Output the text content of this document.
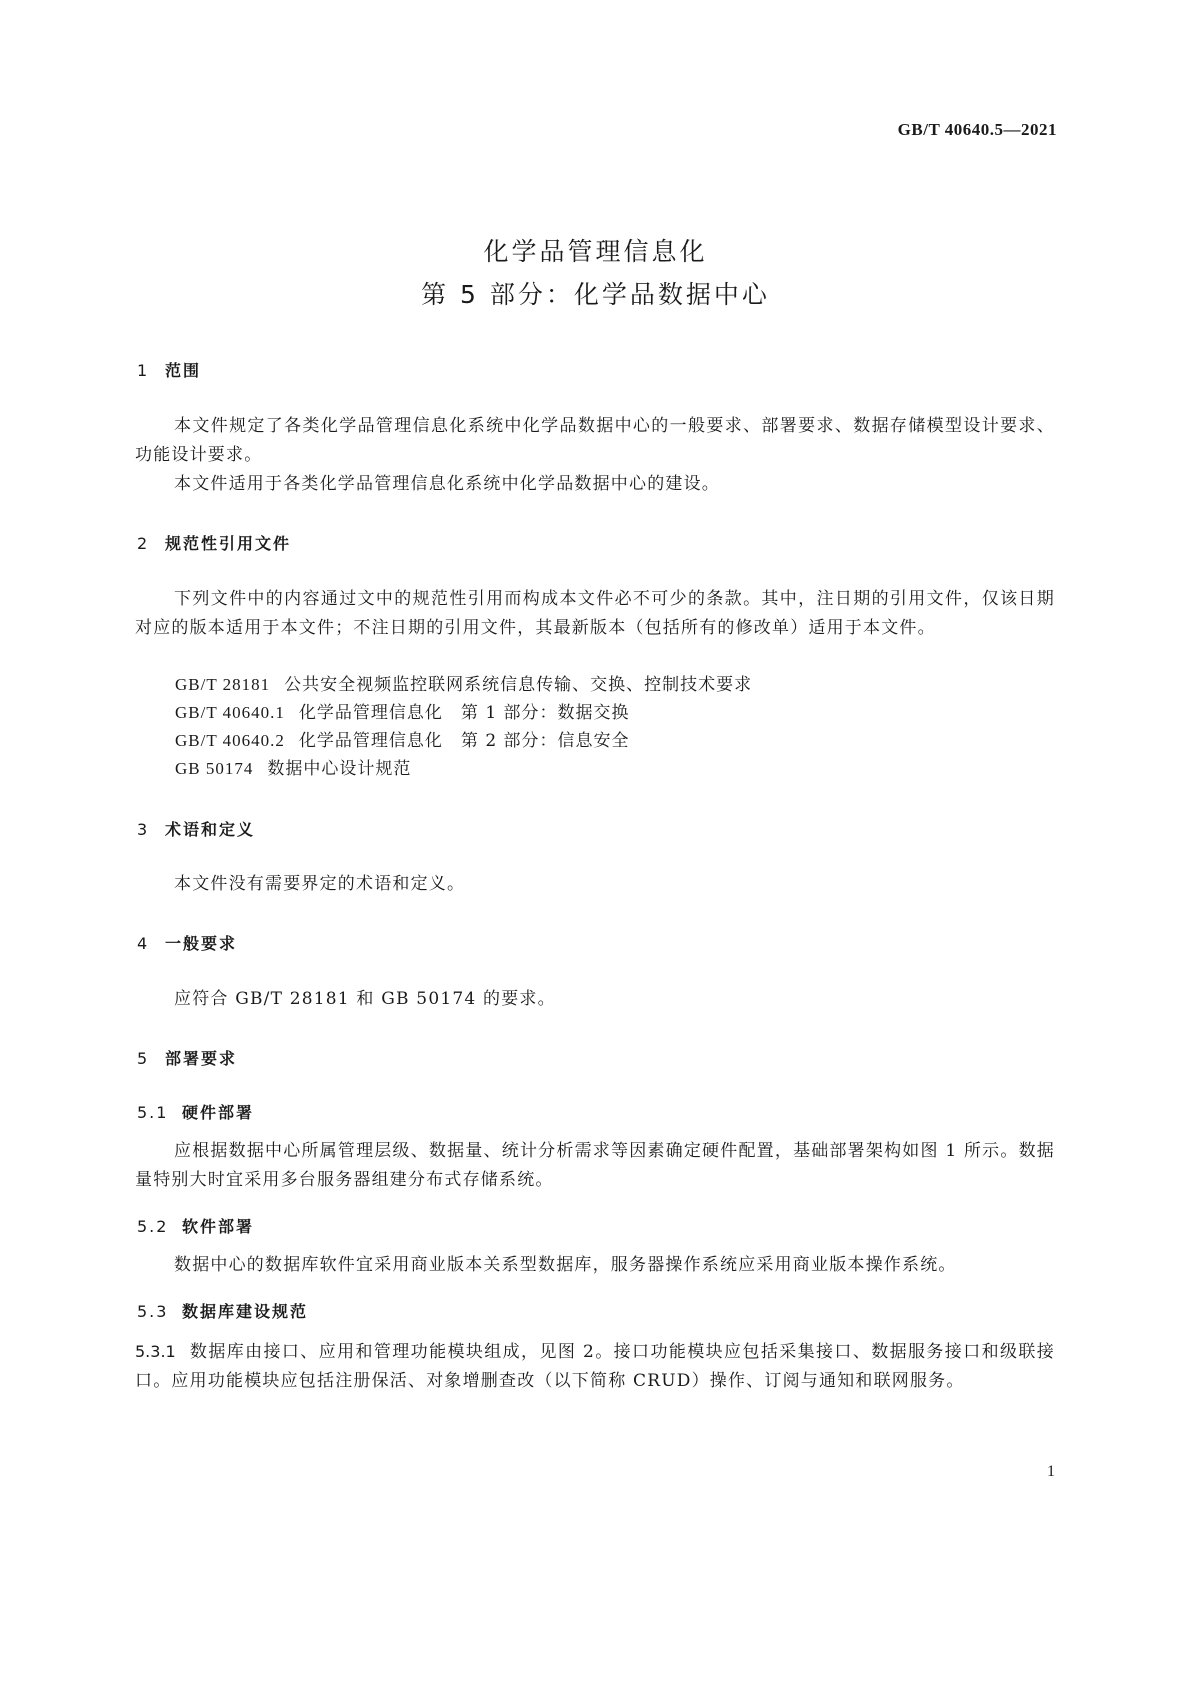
GB/T 40640.5—2021
化学品管理信息化
第 5 部分：化学品数据中心
1 范围
本文件规定了各类化学品管理信息化系统中化学品数据中心的一般要求、部署要求、数据存储模型设计要求、功能设计要求。
本文件适用于各类化学品管理信息化系统中化学品数据中心的建设。
2 规范性引用文件
下列文件中的内容通过文中的规范性引用而构成本文件必不可少的条款。其中，注日期的引用文件，仅该日期对应的版本适用于本文件；不注日期的引用文件，其最新版本（包括所有的修改单）适用于本文件。
GB/T 28181 公共安全视频监控联网系统信息传输、交换、控制技术要求
GB/T 40640.1 化学品管理信息化　第 1 部分：数据交换
GB/T 40640.2 化学品管理信息化　第 2 部分：信息安全
GB 50174 数据中心设计规范
3 术语和定义
本文件没有需要界定的术语和定义。
4 一般要求
应符合 GB/T 28181 和 GB 50174 的要求。
5 部署要求
5.1 硬件部署
应根据数据中心所属管理层级、数据量、统计分析需求等因素确定硬件配置，基础部署架构如图 1 所示。数据量特别大时宜采用多台服务器组建分布式存储系统。
5.2 软件部署
数据中心的数据库软件宜采用商业版本关系型数据库，服务器操作系统应采用商业版本操作系统。
5.3 数据库建设规范
5.3.1 数据库由接口、应用和管理功能模块组成，见图 2。接口功能模块应包括采集接口、数据服务接口和级联接口。应用功能模块应包括注册保活、对象增删查改（以下简称 CRUD）操作、订阅与通知和联网服务。
1
